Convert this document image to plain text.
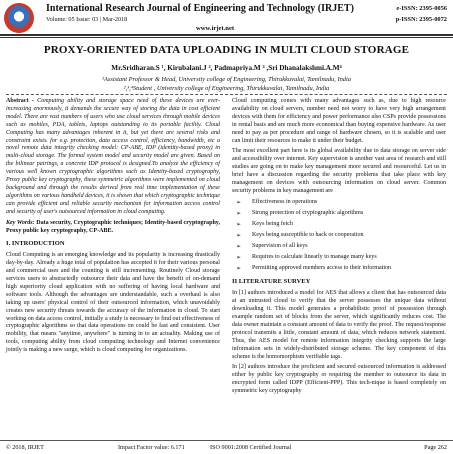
International Research Journal of Engineering and Technology (IRJET)
Volume: 05 Issue: 03 | Mar-2018
www.irjet.net
e-ISSN: 2395-0056
p-ISSN: 2395-0072
PROXY-ORIENTED DATA UPLOADING IN MULTI CLOUD STORAGE
Mr.Sridharan.S ¹, Kirubalani.J ², Padmapriya.M ³ ,Sri Dhanalakshmi.A.M⁴
¹Assistant Professor & Head, University college of Engineering, Thirukkuvalai, Tamilnadu, India
²,³,⁴Student , University college of Engineering, Thirukkuvalai, Tamilnadu, India

Abstract - Computing ability and storage space need of these devices are ever-increasing enormously, it demands the secure way of storing the data in cost efficient model. There are vast numbers of users who use cloud services through mobile devices such as mobiles, PDA, tablets, laptops outstanding to its portable facility. Cloud Computing has many advantages inherent in it, but yet there are several risks and constraint exists. for e.g. protection, data access control, efficiency, bandwidth, etc a novel remote data integrity checking model: CP-ABE, IDP (identity-based proxy) in multi-cloud storage. The formal system model and security model are given. Based on the bilinear pairings, a concrete IDP protocol is designed.To analyze the efficiency of various well known cryptographic algorithms such as Identity-based cryptography, Proxy public key cryptography, these symmetric algorithms were implemented on cloud background and through the results derived from real time implementation of these algorithms on various handheld devices, it is shown that which cryptographic technique can provide efficient and reliable security mechanism for information access control and security of user's outsourced information in cloud computing.

Key Words: Data security, Cryptographic techniques; Identity-based cryptography, Proxy public key cryptography, CP-ABE.

I. INTRODUCTION

Cloud Computing is an emerging knowledge and its popularity is increasing drastically day-by-day. Already a huge total of population has accepted it for their various personal and commercial uses and the counting is still incrementing. Routinely Cloud storage services users to abstractedly outsource their data and have the benefit of on-demand high superiority cloud application with no suffering of having local hardware and software tools. Although the advantages are understandable, such a overhaul is also taking up users' physical control of their outsourced information, which unavoidably creates new security threats towards the accuracy of the information in cloud. To start working on data access control, initially a study is necessary to find out effectiveness of cryptographic algorithms so that data operations on could be fast and consistent. User mobility, that means "anytime, anywhere" is turning in to an actuality. Making use of tools, computing ability from cloud computing technology and Internet convenience jointly is making a new surge, which is cloud computing for organizations.

Cloud computing comes with many advantages such as, due to high resource availability on cloud servers, number need not worry to have very high arrangement devices with them for efficiency and power performance also CSPs provide possessions in rental basis and are much more economical than buying expensive hardware. As user need to pay as per procedure and range of hardware chosen, so it is scalable and user can limit their resources to make it under their budget.

The most excellent part here is its global availability due to data storage on server side and accessibility over internet. Key supervision is another vast area of research and still studies are going on to make key management more secured and resourceful. Let us in brief have a discussion regarding the security problems that take place with key management on devices with outsourcing information on cloud server. Common security problems in key management are

➢ Effectiveness in operations
➢ Strong protection of cryptographic algorithms
➢ Keys being fetch
➢ Keys being susceptible to hack or cooperation
➢ Supervision of all keys
➢ Requires to calculate linearly to manage many keys
➢ Permitting approved members access to their information
II LITERATURE SURVEY

In [1] authors introduced a model for AES that allows a client that has outsourced data at an untrusted cloud to verify that the server possesses the unique data without downloading it. This model generates a probabilistic proof of possession through example random set of blocks from the server, which significantly reduces cost. The data owner maintain a constant amount of data to verify the proof. The request/response protocol transmits a little, constant amount of data, which reduces network statement. Thus, the AES model for remote information integrity checking supports the large information sets in widely-distributed storage scheme. The key component of this scheme is the homomorphism verifiable tags.

In [2] authors introduce the proficient and secured outsourced information is addressed either by public key cryptography or requiring the member to outsource its data in encrypted form called IDPP (Efficient-PPP). This tech-nique is based completely on symmetric key cryptography

© 2018, IRJET	Impact Factor value: 6.171	ISO 9001:2008 Certified Journal	Page 262
